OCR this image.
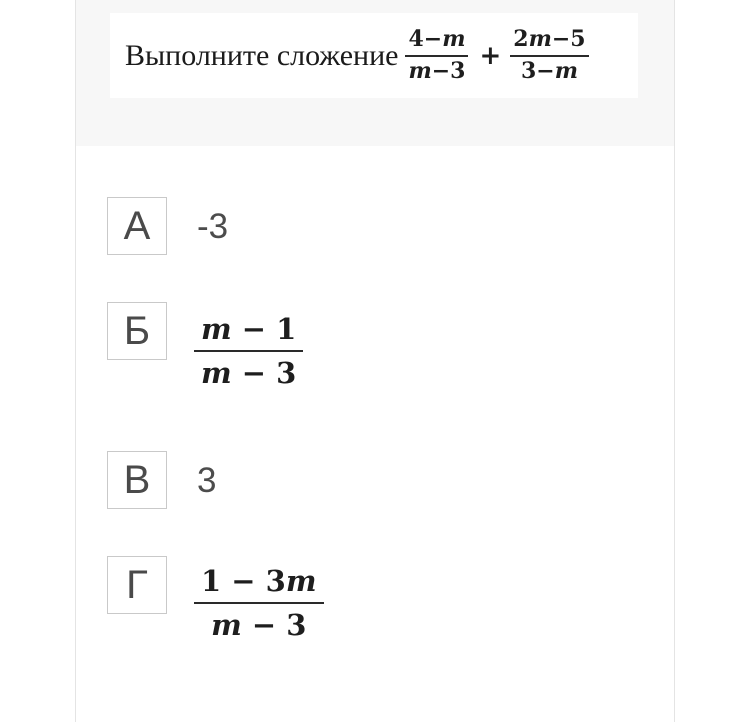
Выполните сложение $\frac{4-m}{m-3} + \frac{2m-5}{3-m}$
А	-3
Б	$\frac{m - 1}{m - 3}$
В	3
Г	$\frac{1 - 3m}{m - 3}$
